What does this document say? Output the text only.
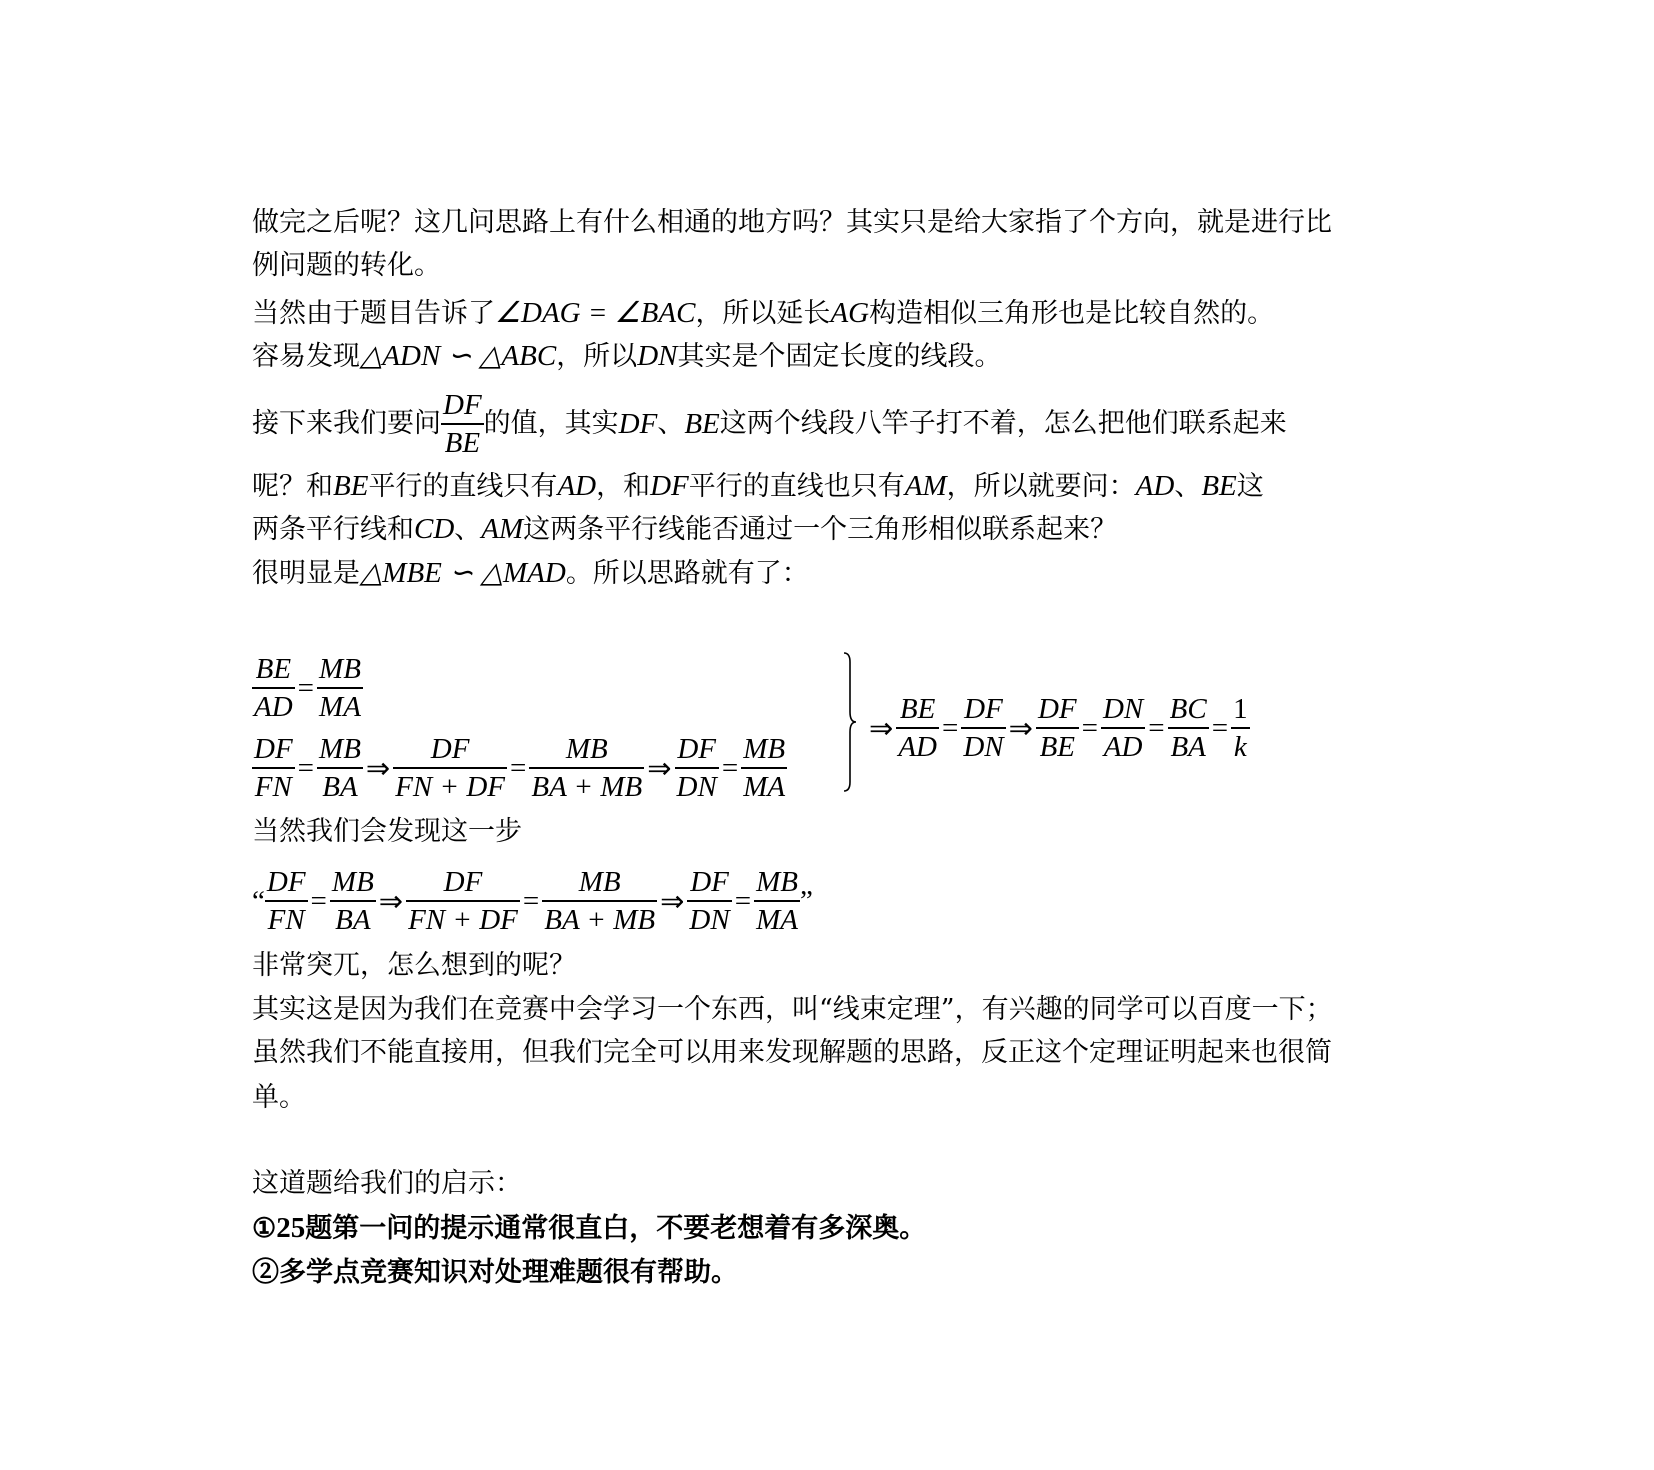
做完之后呢？这几问思路上有什么相通的地方吗？其实只是给大家指了个方向，就是进行比
例问题的转化。
当然由于题目告诉了∠DAG = ∠BAC，所以延长AG构造相似三角形也是比较自然的。
容易发现△ADN ∽ △ABC，所以DN其实是个固定长度的线段。
接下来我们要问 $\frac{DF}{BE}$ 的值，其实 DF 、 BE 这两个线段八竿子打不着，怎么把他们联系起来
呢？和BE平行的直线只有AD，和DF平行的直线也只有AM，所以就要问：AD、BE这
两条平行线和CD、AM这两条平行线能否通过一个三角形相似联系起来？
很明显是△MBE ∽ △MAD。所以思路就有了：
$\frac{BE}{AD} = \frac{MB}{MA}$
$\frac{DF}{FN} = \frac{MB}{BA}$ ⇒ $\frac{DF}{FN + DF} = \frac{MB}{BA + MB}$ ⇒ $\frac{DF}{DN} = \frac{MB}{MA}$
⇒ $\frac{BE}{AD} = \frac{DF}{DN}$ ⇒ $\frac{DF}{BE} = \frac{DN}{AD} = \frac{BC}{BA} = \frac{1}{k}$
当然我们会发现这一步
“ $\frac{DF}{FN} = \frac{MB}{BA}$ ⇒ $\frac{DF}{FN + DF} = \frac{MB}{BA + MB}$ ⇒ $\frac{DF}{DN} = \frac{MB}{MA}$ ”
非常突兀，怎么想到的呢？
其实这是因为我们在竞赛中会学习一个东西，叫“线束定理”，有兴趣的同学可以百度一下；
虽然我们不能直接用，但我们完全可以用来发现解题的思路，反正这个定理证明起来也很简
单。
这道题给我们的启示：
①25题第一问的提示通常很直白，不要老想着有多深奥。
②多学点竞赛知识对处理难题很有帮助。
